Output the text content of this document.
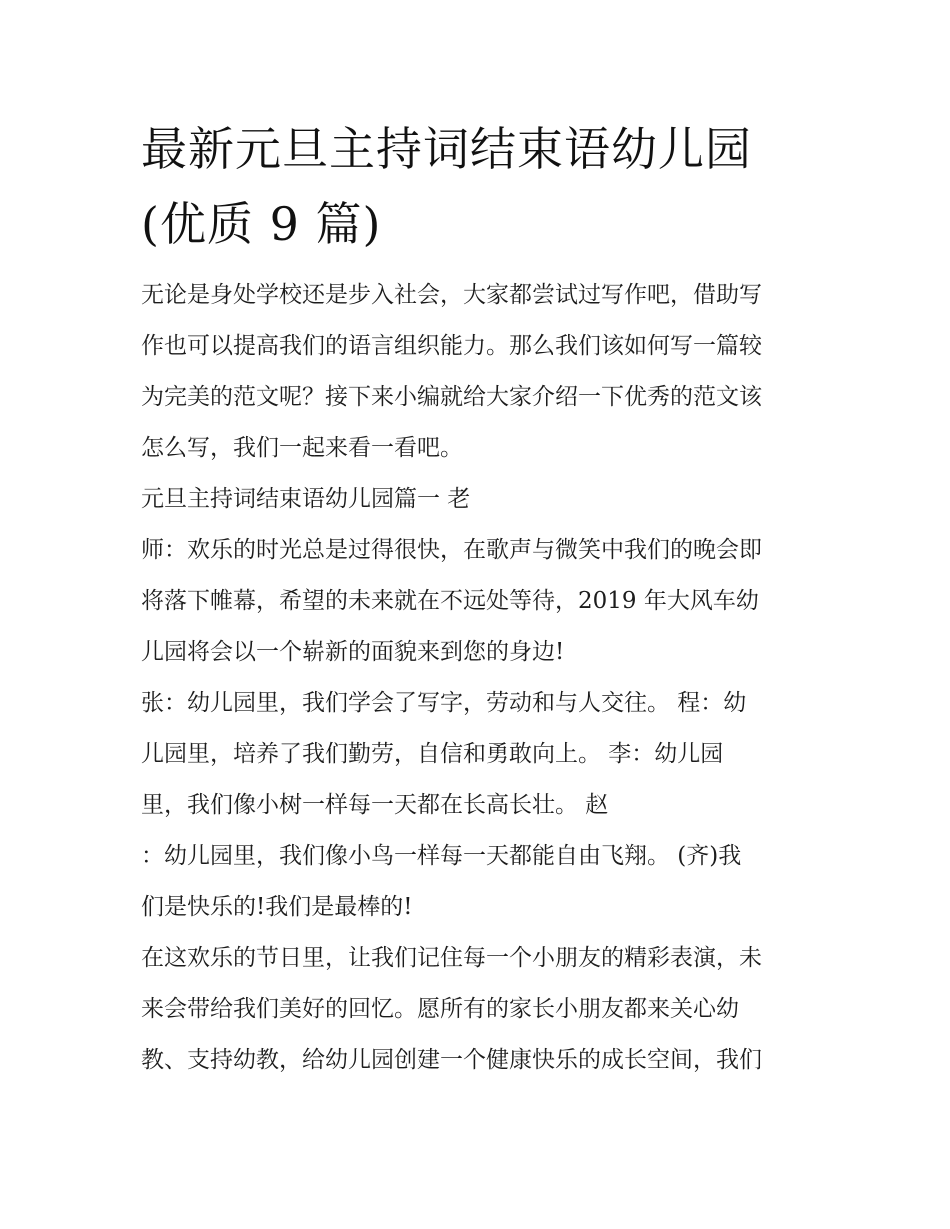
最新元旦主持词结束语幼儿园
(优质 9 篇)
无论是身处学校还是步入社会，大家都尝试过写作吧，借助写
作也可以提高我们的语言组织能力。那么我们该如何写一篇较
为完美的范文呢？接下来小编就给大家介绍一下优秀的范文该
怎么写，我们一起来看一看吧。
元旦主持词结束语幼儿园篇一 老
师：欢乐的时光总是过得很快，在歌声与微笑中我们的晚会即
将落下帷幕，希望的未来就在不远处等待，2019 年大风车幼
儿园将会以一个崭新的面貌来到您的身边!
张：幼儿园里，我们学会了写字，劳动和与人交往。 程：幼
儿园里，培养了我们勤劳，自信和勇敢向上。 李：幼儿园
里，我们像小树一样每一天都在长高长壮。 赵
：幼儿园里，我们像小鸟一样每一天都能自由飞翔。 (齐)我
们是快乐的!我们是最棒的!
在这欢乐的节日里，让我们记住每一个小朋友的精彩表演，未
来会带给我们美好的回忆。愿所有的家长小朋友都来关心幼
教、支持幼教，给幼儿园创建一个健康快乐的成长空间，我们
